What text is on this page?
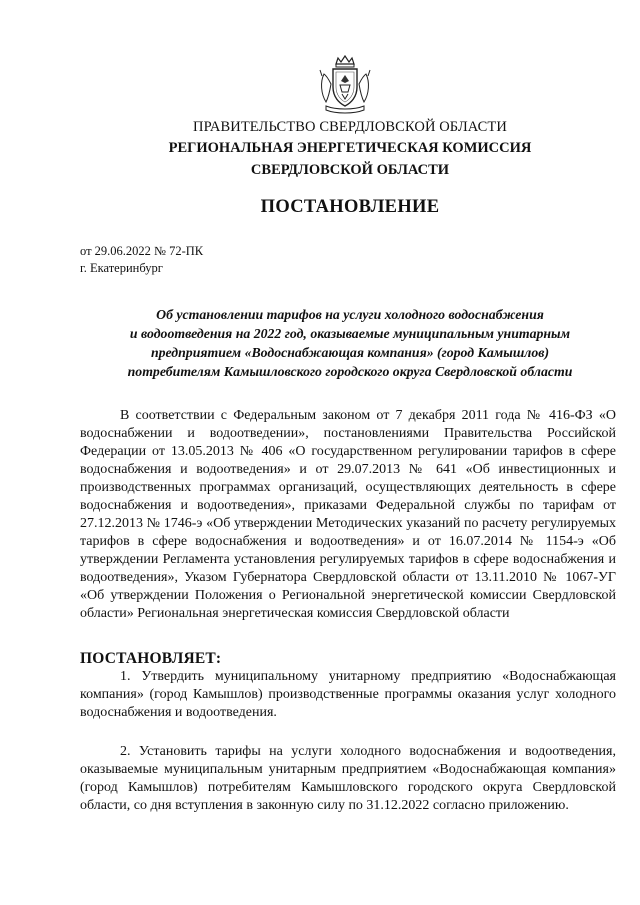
ПРАВИТЕЛЬСТВО СВЕРДЛОВСКОЙ ОБЛАСТИ
РЕГИОНАЛЬНАЯ ЭНЕРГЕТИЧЕСКАЯ КОМИССИЯ
СВЕРДЛОВСКОЙ ОБЛАСТИ
ПОСТАНОВЛЕНИЕ
от 29.06.2022 № 72-ПК
г. Екатеринбург
Об установлении тарифов на услуги холодного водоснабжения
и водоотведения на 2022 год, оказываемые муниципальным унитарным
предприятием «Водоснабжающая компания» (город Камышлов)
потребителям Камышловского городского округа Свердловской области
В соответствии с Федеральным законом от 7 декабря 2011 года № 416-ФЗ «О водоснабжении и водоотведении», постановлениями Правительства Российской Федерации от 13.05.2013 № 406 «О государственном регулировании тарифов в сфере водоснабжения и водоотведения» и от 29.07.2013 № 641 «Об инвестиционных и производственных программах организаций, осуществляющих деятельность в сфере водоснабжения и водоотведения», приказами Федеральной службы по тарифам от 27.12.2013 № 1746-э «Об утверждении Методических указаний по расчету регулируемых тарифов в сфере водоснабжения и водоотведения» и от 16.07.2014 № 1154-э «Об утверждении Регламента установления регулируемых тарифов в сфере водоснабжения и водоотведения», Указом Губернатора Свердловской области от 13.11.2010 № 1067-УГ «Об утверждении Положения о Региональной энергетической комиссии Свердловской области» Региональная энергетическая комиссия Свердловской области
ПОСТАНОВЛЯЕТ:
1. Утвердить муниципальному унитарному предприятию «Водоснабжающая компания» (город Камышлов) производственные программы оказания услуг холодного водоснабжения и водоотведения.
2. Установить тарифы на услуги холодного водоснабжения и водоотведения, оказываемые муниципальным унитарным предприятием «Водоснабжающая компания» (город Камышлов) потребителям Камышловского городского округа Свердловской области, со дня вступления в законную силу по 31.12.2022 согласно приложению.
